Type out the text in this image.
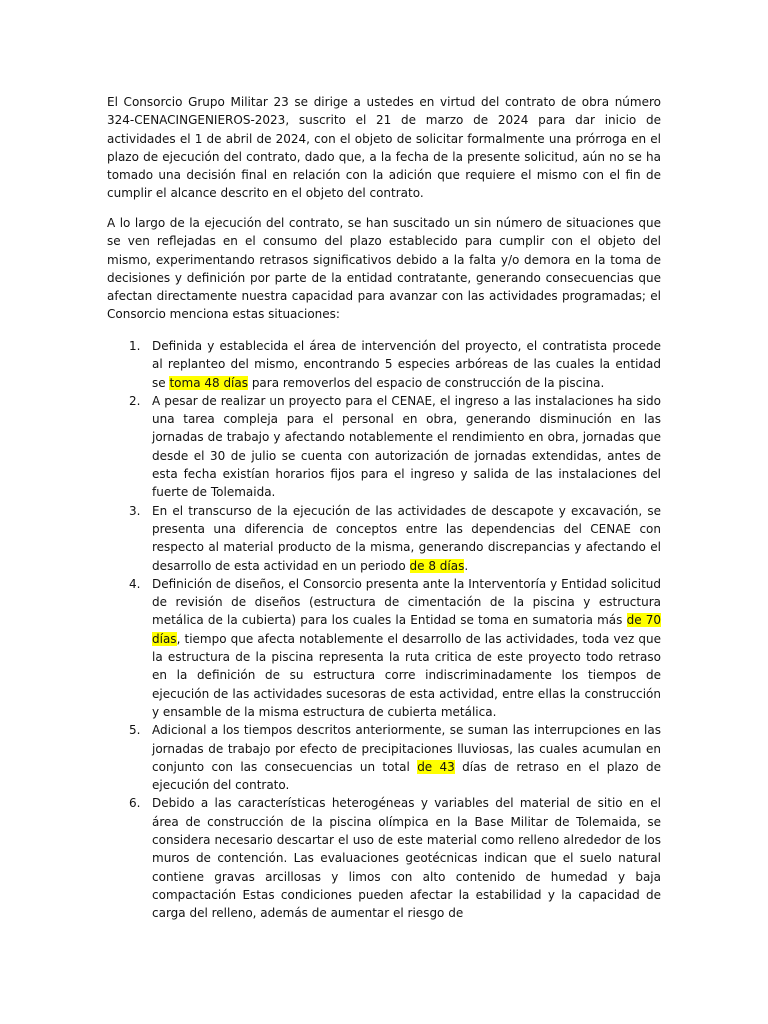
El Consorcio Grupo Militar 23 se dirige a ustedes en virtud del contrato de obra número 324-CENACINGENIEROS-2023, suscrito el 21 de marzo de 2024 para dar inicio de actividades el 1 de abril de 2024, con el objeto de solicitar formalmente una prórroga en el plazo de ejecución del contrato, dado que, a la fecha de la presente solicitud, aún no se ha tomado una decisión final en relación con la adición que requiere el mismo con el fin de cumplir el alcance descrito en el objeto del contrato.

A lo largo de la ejecución del contrato, se han suscitado un sin número de situaciones que se ven reflejadas en el consumo del plazo establecido para cumplir con el objeto del mismo, experimentando retrasos significativos debido a la falta y/o demora en la toma de decisiones y definición por parte de la entidad contratante, generando consecuencias que afectan directamente nuestra capacidad para avanzar con las actividades programadas; el Consorcio menciona estas situaciones:

1. Definida y establecida el área de intervención del proyecto, el contratista procede al replanteo del mismo, encontrando 5 especies arbóreas de las cuales la entidad se toma 48 días para removerlos del espacio de construcción de la piscina.
2. A pesar de realizar un proyecto para el CENAE, el ingreso a las instalaciones ha sido una tarea compleja para el personal en obra, generando disminución en las jornadas de trabajo y afectando notablemente el rendimiento en obra, jornadas que desde el 30 de julio se cuenta con autorización de jornadas extendidas, antes de esta fecha existían horarios fijos para el ingreso y salida de las instalaciones del fuerte de Tolemaida.
3. En el transcurso de la ejecución de las actividades de descapote y excavación, se presenta una diferencia de conceptos entre las dependencias del CENAE con respecto al material producto de la misma, generando discrepancias y afectando el desarrollo de esta actividad en un periodo de 8 días.
4. Definición de diseños, el Consorcio presenta ante la Interventoría y Entidad solicitud de revisión de diseños (estructura de cimentación de la piscina y estructura metálica de la cubierta) para los cuales la Entidad se toma en sumatoria más de 70 días, tiempo que afecta notablemente el desarrollo de las actividades, toda vez que la estructura de la piscina representa la ruta critica de este proyecto todo retraso en la definición de su estructura corre indiscriminadamente los tiempos de ejecución de las actividades sucesoras de esta actividad, entre ellas la construcción y ensamble de la misma estructura de cubierta metálica.
5. Adicional a los tiempos descritos anteriormente, se suman las interrupciones en las jornadas de trabajo por efecto de precipitaciones lluviosas, las cuales acumulan en conjunto con las consecuencias un total de 43 días de retraso en el plazo de ejecución del contrato.
6. Debido a las características heterogéneas y variables del material de sitio en el área de construcción de la piscina olímpica en la Base Militar de Tolemaida, se considera necesario descartar el uso de este material como relleno alrededor de los muros de contención. Las evaluaciones geotécnicas indican que el suelo natural contiene gravas arcillosas y limos con alto contenido de humedad y baja compactación Estas condiciones pueden afectar la estabilidad y la capacidad de carga del relleno, además de aumentar el riesgo de
